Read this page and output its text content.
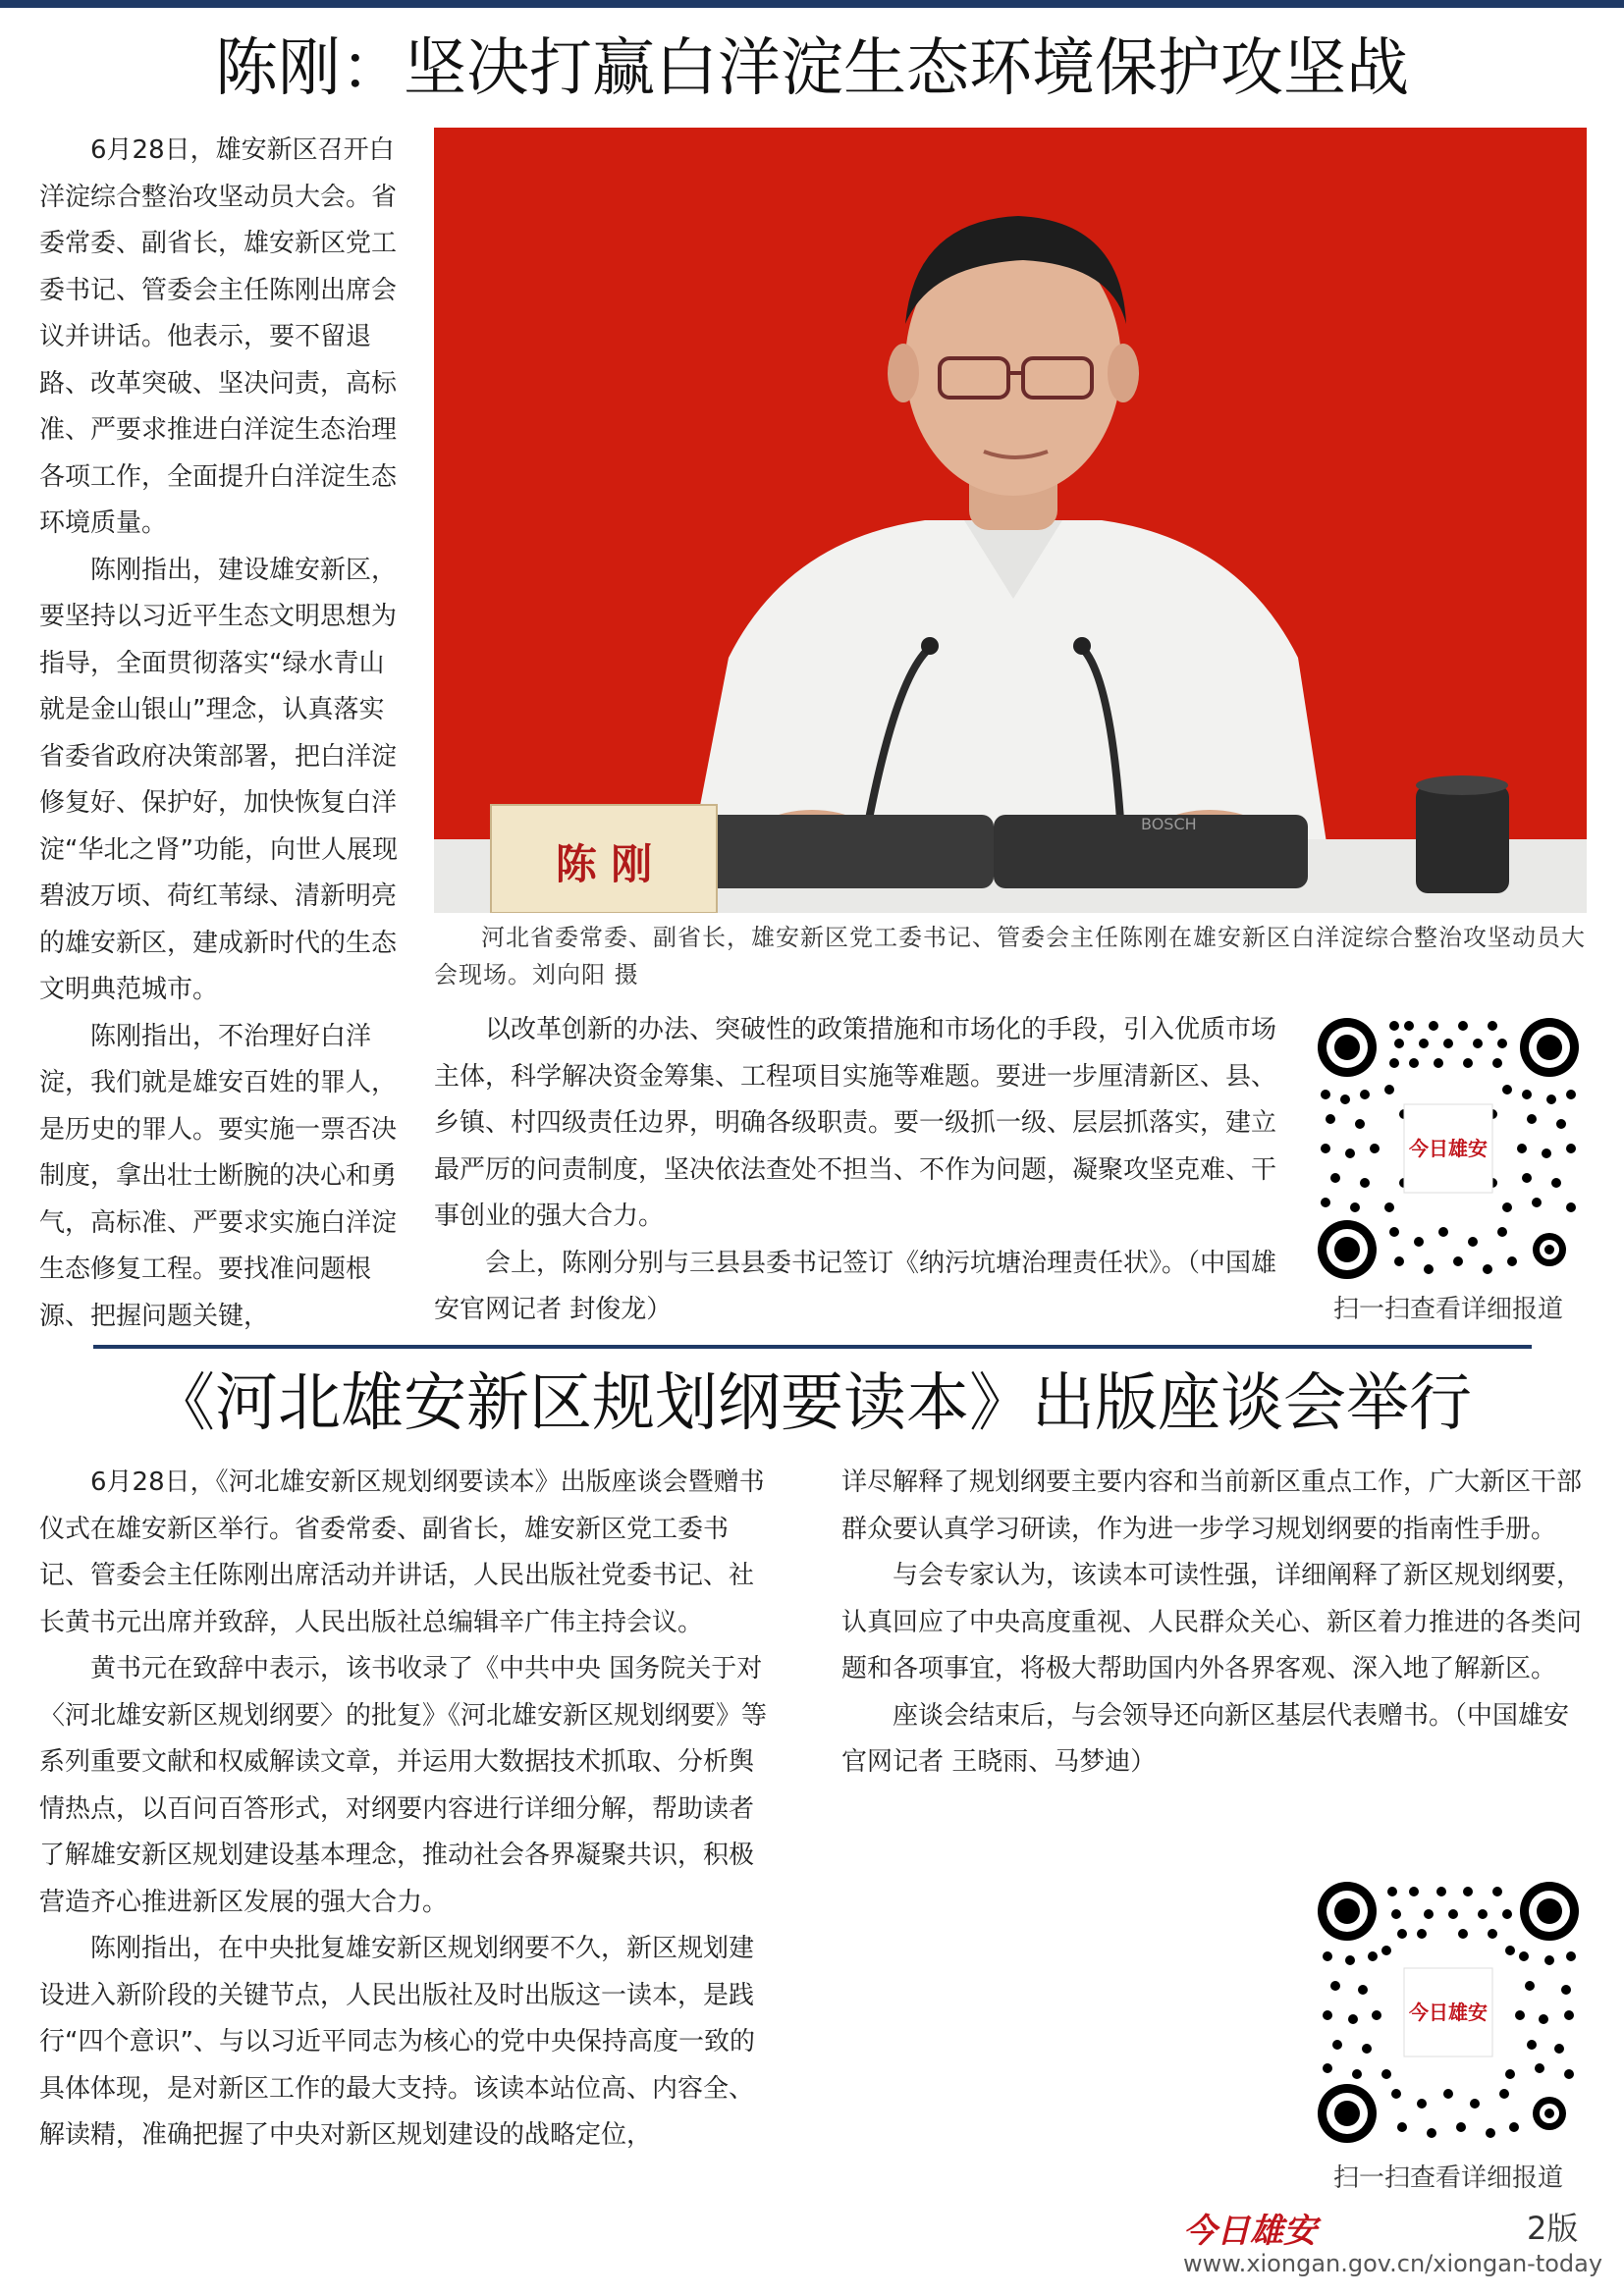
陈刚：坚决打赢白洋淀生态环境保护攻坚战

6月28日，雄安新区召开白洋淀综合整治攻坚动员大会。省委常委、副省长，雄安新区党工委书记、管委会主任陈刚出席会议并讲话。他表示，要不留退路、改革突破、坚决问责，高标准、严要求推进白洋淀生态治理各项工作，全面提升白洋淀生态环境质量。

陈刚指出，建设雄安新区，要坚持以习近平生态文明思想为指导，全面贯彻落实“绿水青山就是金山银山”理念，认真落实省委省政府决策部署，把白洋淀修复好、保护好，加快恢复白洋淀“华北之肾”功能，向世人展现碧波万顷、荷红苇绿、清新明亮的雄安新区，建成新时代的生态文明典范城市。

陈刚指出，不治理好白洋淀，我们就是雄安百姓的罪人，是历史的罪人。要实施一票否决制度，拿出壮士断腕的决心和勇气，高标准、严要求实施白洋淀生态修复工程。要找准问题根源、把握问题关键，

BOSCH
陈 刚
河北省委常委、副省长，雄安新区党工委书记、管委会主任陈刚在雄安新区白洋淀综合整治攻坚动员大会现场。刘向阳 摄

以改革创新的办法、突破性的政策措施和市场化的手段，引入优质市场主体，科学解决资金筹集、工程项目实施等难题。要进一步厘清新区、县、乡镇、村四级责任边界，明确各级职责。要一级抓一级、层层抓落实，建立最严厉的问责制度，坚决依法查处不担当、不作为问题，凝聚攻坚克难、干事创业的强大合力。

会上，陈刚分别与三县县委书记签订《纳污坑塘治理责任状》。（中国雄安官网记者 封俊龙）

今日雄安
扫一扫查看详细报道
《河北雄安新区规划纲要读本》出版座谈会举行

6月28日，《河北雄安新区规划纲要读本》出版座谈会暨赠书仪式在雄安新区举行。省委常委、副省长，雄安新区党工委书记、管委会主任陈刚出席活动并讲话，人民出版社党委书记、社长黄书元出席并致辞，人民出版社总编辑辛广伟主持会议。

黄书元在致辞中表示，该书收录了《中共中央 国务院关于对〈河北雄安新区规划纲要〉的批复》《河北雄安新区规划纲要》等系列重要文献和权威解读文章，并运用大数据技术抓取、分析舆情热点，以百问百答形式，对纲要内容进行详细分解，帮助读者了解雄安新区规划建设基本理念，推动社会各界凝聚共识，积极营造齐心推进新区发展的强大合力。

陈刚指出，在中央批复雄安新区规划纲要不久，新区规划建设进入新阶段的关键节点，人民出版社及时出版这一读本，是践行“四个意识”、与以习近平同志为核心的党中央保持高度一致的具体体现，是对新区工作的最大支持。该读本站位高、内容全、解读精，准确把握了中央对新区规划建设的战略定位，

详尽解释了规划纲要主要内容和当前新区重点工作，广大新区干部群众要认真学习研读，作为进一步学习规划纲要的指南性手册。

与会专家认为，该读本可读性强，详细阐释了新区规划纲要，认真回应了中央高度重视、人民群众关心、新区着力推进的各类问题和各项事宜，将极大帮助国内外各界客观、深入地了解新区。

座谈会结束后，与会领导还向新区基层代表赠书。（中国雄安官网记者 王晓雨、马梦迪）

今日雄安
扫一扫查看详细报道
今日雄安	2版
www.xiongan.gov.cn/xiongan-today
